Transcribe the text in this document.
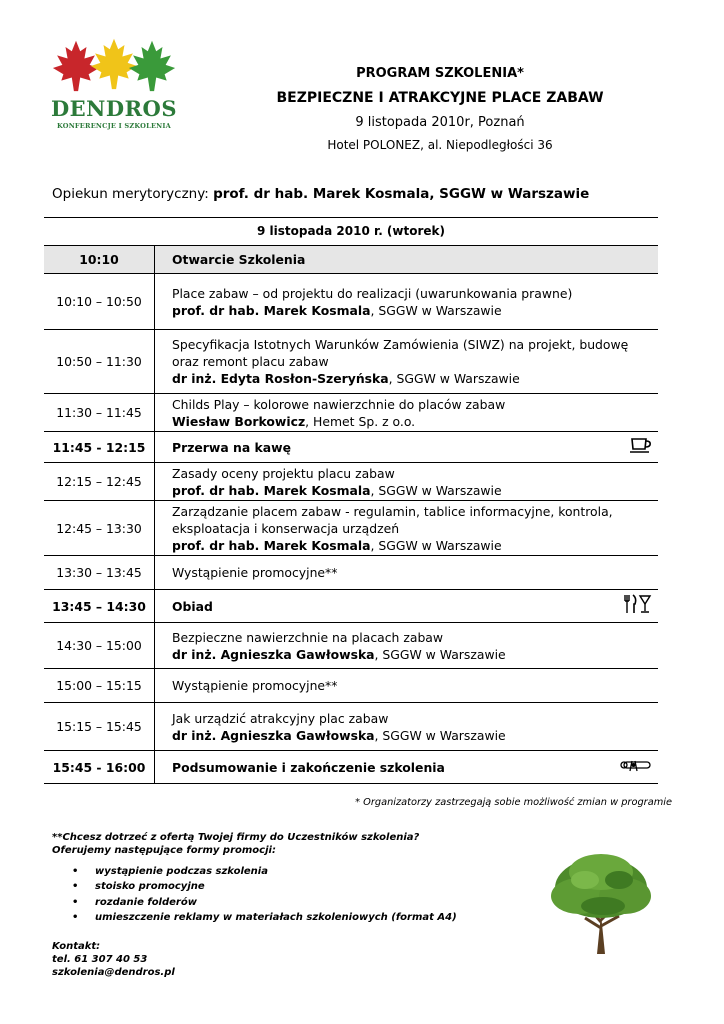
DENDROS
KONFERENCJE I SZKOLENIA
PROGRAM SZKOLENIA*
BEZPIECZNE I ATRAKCYJNE PLACE ZABAW
9 listopada 2010r, Poznań
Hotel POLONEZ, al. Niepodległości 36
Opiekun merytoryczny: prof. dr hab. Marek Kosmala, SGGW w Warszawie
9 listopada 2010 r. (wtorek)
10:10	Otwarcie Szkolenia
10:10 – 10:50
Place zabaw – od projektu do realizacji (uwarunkowania prawne)
prof. dr hab. Marek Kosmala, SGGW w Warszawie
10:50 – 11:30
Specyfikacja Istotnych Warunków Zamówienia (SIWZ) na projekt, budowę oraz remont placu zabaw
dr inż. Edyta Rosłon-Szeryńska, SGGW w Warszawie
11:30 – 11:45
Childs Play – kolorowe nawierzchnie do placów zabaw
Wiesław Borkowicz, Hemet Sp. z o.o.
11:45 - 12:15	Przerwa na kawę
12:15 – 12:45
Zasady oceny projektu placu zabaw
prof. dr hab. Marek Kosmala, SGGW w Warszawie
12:45 – 13:30
Zarządzanie placem zabaw - regulamin, tablice informacyjne, kontrola, eksploatacja i konserwacja urządzeń
prof. dr hab. Marek Kosmala, SGGW w Warszawie
13:30 – 13:45	Wystąpienie promocyjne**
13:45 – 14:30	Obiad
14:30 – 15:00
Bezpieczne nawierzchnie na placach zabaw
dr inż. Agnieszka Gawłowska, SGGW w Warszawie
15:00 – 15:15	Wystąpienie promocyjne**
15:15 – 15:45
Jak urządzić atrakcyjny plac zabaw
dr inż. Agnieszka Gawłowska, SGGW w Warszawie
15:45 - 16:00	Podsumowanie i zakończenie szkolenia
* Organizatorzy zastrzegają sobie możliwość zmian w programie
**Chcesz dotrzeć z ofertą Twojej firmy do Uczestników szkolenia?
Oferujemy następujące formy promocji:
• wystąpienie podczas szkolenia
• stoisko promocyjne
• rozdanie folderów
• umieszczenie reklamy w materiałach szkoleniowych (format A4)
Kontakt:
tel. 61 307 40 53
szkolenia@dendros.pl
